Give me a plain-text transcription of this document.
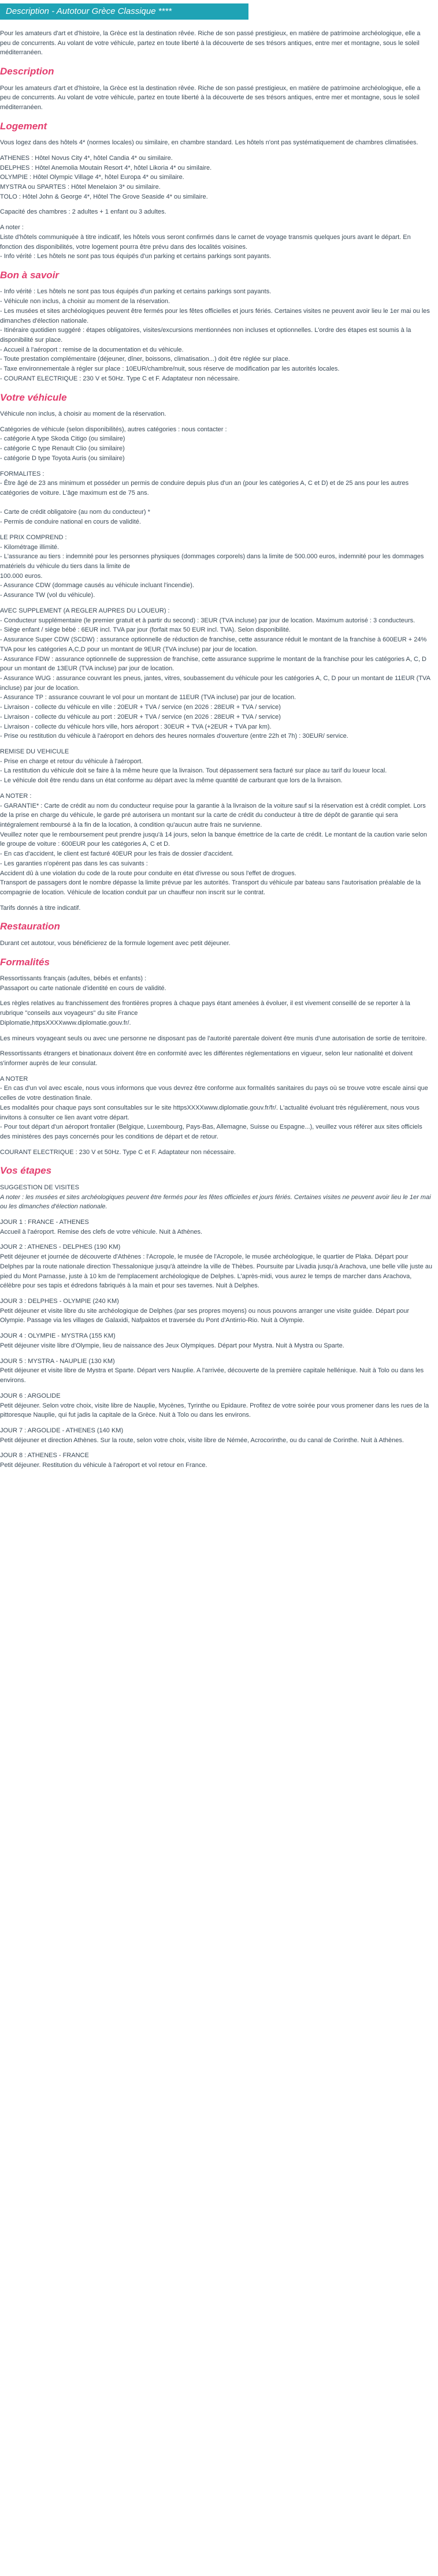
Description - Autotour Grèce Classique ****

Pour les amateurs d'art et d'histoire, la Grèce est la destination rêvée. Riche de son passé prestigieux, en matière de patrimoine archéologique, elle a peu de concurrents. Au volant de votre véhicule, partez en toute liberté à la découverte de ses trésors antiques, entre mer et montagne, sous le soleil méditerranéen.

Description

Pour les amateurs d'art et d'histoire, la Grèce est la destination rêvée. Riche de son passé prestigieux, en matière de patrimoine archéologique, elle a peu de concurrents. Au volant de votre véhicule, partez en toute liberté à la découverte de ses trésors antiques, entre mer et montagne, sous le soleil méditerranéen.

Logement

Vous logez dans des hôtels 4* (normes locales) ou similaire, en chambre standard. Les hôtels n'ont pas systématiquement de chambres climatisées.

ATHENES : Hôtel Novus City 4*, hôtel Candia 4* ou similaire.
DELPHES : Hôtel Anemolia Moutain Resort 4*, hôtel Likoria 4* ou similaire.
OLYMPIE : Hôtel Olympic Village 4*, hôtel Europa 4* ou similaire.
MYSTRA ou SPARTES : Hôtel Menelaion 3* ou similaire.
TOLO : Hôtel John & George 4*, Hôtel The Grove Seaside 4* ou similaire.

Capacité des chambres : 2 adultes + 1 enfant ou 3 adultes.

A noter :
Liste d'hôtels communiquée à titre indicatif, les hôtels vous seront confirmés dans le carnet de voyage transmis quelques jours avant le départ. En fonction des disponibilités, votre logement pourra être prévu dans des localités voisines.
- Info vérité : Les hôtels ne sont pas tous équipés d'un parking et certains parkings sont payants.

Bon à savoir

- Info vérité : Les hôtels ne sont pas tous équipés d'un parking et certains parkings sont payants.
- Véhicule non inclus, à choisir au moment de la réservation.
- Les musées et sites archéologiques peuvent être fermés pour les fêtes officielles et jours fériés. Certaines visites ne peuvent avoir lieu le 1er mai ou les dimanches d'élection nationale.
- Itinéraire quotidien suggéré : étapes obligatoires, visites/excursions mentionnées non incluses et optionnelles. L'ordre des étapes est soumis à la disponibilité sur place.
- Accueil à l'aéroport : remise de la documentation et du véhicule.
- Toute prestation complémentaire (déjeuner, dîner, boissons, climatisation...) doit être réglée sur place.
- Taxe environnementale à régler sur place : 10EUR/chambre/nuit, sous réserve de modification par les autorités locales.
- COURANT ELECTRIQUE : 230 V et 50Hz. Type C et F. Adaptateur non nécessaire.

Votre véhicule

Véhicule non inclus, à choisir au moment de la réservation.

Catégories de véhicule (selon disponibilités), autres catégories : nous contacter :
- catégorie A type Skoda Citigo (ou similaire)
- catégorie C type Renault Clio (ou similaire)
- catégorie D type Toyota Auris (ou similaire)

FORMALITES :
- Être âgé de 23 ans minimum et posséder un permis de conduire depuis plus d'un an (pour les catégories A, C et D) et de 25 ans pour les autres catégories de voiture. L'âge maximum est de 75 ans.

- Carte de crédit obligatoire (au nom du conducteur) *
- Permis de conduire national en cours de validité.

LE PRIX COMPREND :
- Kilométrage illimité.
- L'assurance au tiers : indemnité pour les personnes physiques (dommages corporels) dans la limite de 500.000 euros, indemnité pour les dommages matériels du véhicule du tiers dans la limite de
100.000 euros.
- Assurance CDW (dommage causés au véhicule incluant l'incendie).
- Assurance TW (vol du véhicule).

AVEC SUPPLEMENT (A REGLER AUPRES DU LOUEUR) :
- Conducteur supplémentaire (le premier gratuit et à partir du second) : 3EUR (TVA incluse) par jour de location. Maximum autorisé : 3 conducteurs.
- Siège enfant / siège bébé : 6EUR incl. TVA par jour (forfait max 50 EUR incl. TVA). Selon disponibilité.
- Assurance Super CDW (SCDW) : assurance optionnelle de réduction de franchise, cette assurance réduit le montant de la franchise à 600EUR + 24% TVA pour les catégories A,C,D pour un montant de 9EUR (TVA incluse) par jour de location.
- Assurance FDW : assurance optionnelle de suppression de franchise, cette assurance supprime le montant de la franchise pour les catégories A, C, D pour un montant de 13EUR (TVA incluse) par jour de location.
- Assurance WUG : assurance couvrant les pneus, jantes, vitres, soubassement du véhicule pour les catégories A, C, D pour un montant de 11EUR (TVA incluse) par jour de location.
- Assurance TP : assurance couvrant le vol pour un montant de 11EUR (TVA incluse) par jour de location.
- Livraison - collecte du véhicule en ville : 20EUR + TVA / service (en 2026 : 28EUR + TVA / service)
- Livraison - collecte du véhicule au port : 20EUR + TVA / service (en 2026 : 28EUR + TVA / service)
- Livraison - collecte du véhicule hors ville, hors aéroport : 30EUR + TVA (+2EUR + TVA par km).
- Prise ou restitution du véhicule à l'aéroport en dehors des heures normales d'ouverture (entre 22h et 7h) : 30EUR/ service.

REMISE DU VEHICULE
- Prise en charge et retour du véhicule à l'aéroport.
- La restitution du véhicule doit se faire à la même heure que la livraison. Tout dépassement sera facturé sur place au tarif du loueur local.
- Le véhicule doit être rendu dans un état conforme au départ avec la même quantité de carburant que lors de la livraison.

A NOTER :
- GARANTIE* : Carte de crédit au nom du conducteur requise pour la garantie à la livraison de la voiture sauf si la réservation est à crédit complet. Lors de la prise en charge du véhicule, le garde pré autorisera un montant sur la carte de crédit du conducteur à titre de dépôt de garantie qui sera
intégralement remboursé à la fin de la location, à condition qu'aucun autre frais ne survienne.
Veuillez noter que le remboursement peut prendre jusqu'à 14 jours, selon la banque émettrice de la carte de crédit. Le montant de la caution varie selon le groupe de voiture : 600EUR pour les catégories A, C et D.
- En cas d'accident, le client est facturé 40EUR pour les frais de dossier d'accident.
- Les garanties n'opèrent pas dans les cas suivants :
Accident dû à une violation du code de la route pour conduite en état d'ivresse ou sous l'effet de drogues.
Transport de passagers dont le nombre dépasse la limite prévue par les autorités. Transport du véhicule par bateau sans l'autorisation préalable de la compagnie de location. Véhicule de location conduit par un chauffeur non inscrit sur le contrat.

Tarifs donnés à titre indicatif.

Restauration

Durant cet autotour, vous bénéficierez de la formule logement avec petit déjeuner.

Formalités

Ressortissants français (adultes, bébés et enfants) :
Passaport ou carte nationale d'identité en cours de validité.

Les règles relatives au franchissement des frontières propres à chaque pays étant amenées à évoluer, il est vivement conseillé de se reporter à la rubrique "conseils aux voyageurs" du site France
Diplomatie,httpsXXXXwww.diplomatie.gouv.fr/.

Les mineurs voyageant seuls ou avec une personne ne disposant pas de l'autorité parentale doivent être munis d'une autorisation de sortie de territoire.

Ressortissants étrangers et binationaux doivent être en conformité avec les différentes réglementations en vigueur, selon leur nationalité et doivent s'informer auprès de leur consulat.

A NOTER
- En cas d'un vol avec escale, nous vous informons que vous devrez être conforme aux formalités sanitaires du pays où se trouve votre escale ainsi que celles de votre destination finale.
Les modalités pour chaque pays sont consultables sur le site httpsXXXXwww.diplomatie.gouv.fr/fr/. L'actualité évoluant très régulièrement, nous vous invitons à consulter ce lien avant votre départ.
- Pour tout départ d'un aéroport frontalier (Belgique, Luxembourg, Pays-Bas, Allemagne, Suisse ou Espagne...), veuillez vous référer aux sites officiels des ministères des pays concernés pour les conditions de départ et de retour.

COURANT ELECTRIQUE : 230 V et 50Hz. Type C et F. Adaptateur non nécessaire.

Vos étapes

SUGGESTION DE VISITES

A noter : les musées et sites archéologiques peuvent être fermés pour les fêtes officielles et jours fériés. Certaines visites ne peuvent avoir lieu le 1er mai ou les dimanches d'élection nationale.

JOUR 1 : FRANCE - ATHENES

Accueil à l'aéroport. Remise des clefs de votre véhicule. Nuit à Athènes.

JOUR 2 : ATHENES - DELPHES (190 KM)

Petit déjeuner et journée de découverte d'Athènes : l'Acropole, le musée de l'Acropole, le musée archéologique, le quartier de Plaka. Départ pour Delphes par la route nationale direction Thessalonique jusqu'à atteindre la ville de Thèbes. Poursuite par Livadia jusqu'à Arachova, une belle ville juste au pied du Mont Parnasse, juste à 10 km de l'emplacement archéologique de Delphes. L'après-midi, vous aurez le temps de marcher dans Arachova, célèbre pour ses tapis et édredons fabriqués à la main et pour ses tavernes. Nuit à Delphes.

JOUR 3 : DELPHES - OLYMPIE (240 KM)

Petit déjeuner et visite libre du site archéologique de Delphes (par ses propres moyens) ou nous pouvons arranger une visite guidée. Départ pour Olympie. Passage via les villages de Galaxidi, Nafpaktos et traversée du Pont d'Antirrio-Rio. Nuit à Olympie.

JOUR 4 : OLYMPIE - MYSTRA (155 KM)

Petit déjeuner visite libre d'Olympie, lieu de naissance des Jeux Olympiques. Départ pour Mystra. Nuit à Mystra ou Sparte.

JOUR 5 : MYSTRA - NAUPLIE (130 KM)

Petit déjeuner et visite libre de Mystra et Sparte. Départ vers Nauplie. A l'arrivée, découverte de la première capitale hellénique. Nuit à Tolo ou dans les environs.

JOUR 6 : ARGOLIDE

Petit déjeuner. Selon votre choix, visite libre de Nauplie, Mycènes, Tyrinthe ou Epidaure. Profitez de votre soirée pour vous promener dans les rues de la pittoresque Nauplie, qui fut jadis la capitale de la Grèce. Nuit à Tolo ou dans les environs.

JOUR 7 : ARGOLIDE - ATHENES (140 KM)

Petit déjeuner et direction Athènes. Sur la route, selon votre choix, visite libre de Némée, Acrocorinthe, ou du canal de Corinthe. Nuit à Athènes.

JOUR 8 : ATHENES - FRANCE

Petit déjeuner. Restitution du véhicule à l'aéroport et vol retour en France.
